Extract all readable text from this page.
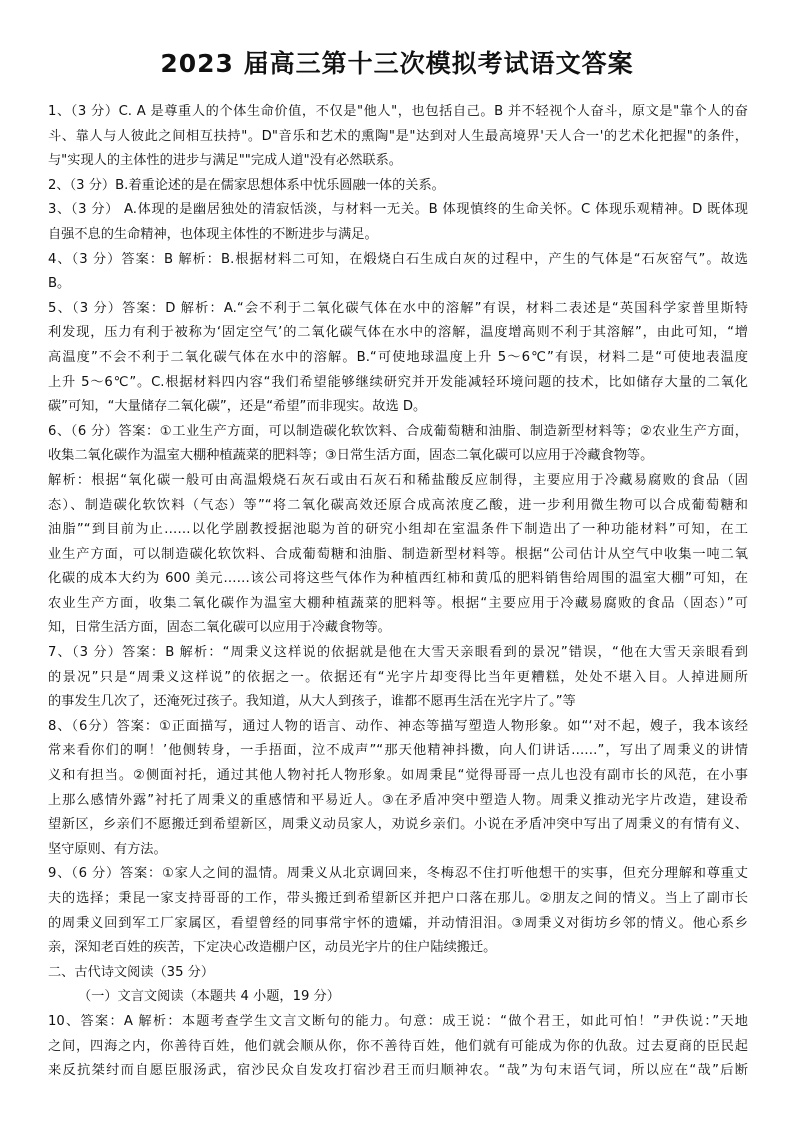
2023 届高三第十三次模拟考试语文答案
1、（3 分）C. A 是尊重人的个体生命价值，不仅是"他人"，也包括自己。B 并不轻视个人奋斗，原文是"靠个人的奋
斗、靠人与人彼此之间相互扶持"。D"音乐和艺术的熏陶"是"达到对人生最高境界'天人合一'的艺术化把握"的条件，
与"实现人的主体性的进步与满足""完成人道"没有必然联系。
2、（3 分）B.着重论述的是在儒家思想体系中忧乐圆融一体的关系。
3、（3 分） A.体现的是幽居独处的清寂恬淡，与材料一无关。B 体现慎终的生命关怀。C 体现乐观精神。D 既体现
自强不息的生命精神，也体现主体性的不断进步与满足。
4、（3 分）答案：B 解析：B.根据材料二可知，在煅烧白石生成白灰的过程中，产生的气体是“石灰窑气”。故选
B。
5、（3 分）答案：D 解析：A.“会不利于二氧化碳气体在水中的溶解”有误，材料二表述是“英国科学家普里斯特
利发现，压力有利于被称为‘固定空气’的二氧化碳气体在水中的溶解，温度增高则不利于其溶解”，由此可知，“增
高温度”不会不利于二氧化碳气体在水中的溶解。B.“可使地球温度上升 5～6℃”有误，材料二是“可使地表温度
上升 5～6℃”。C.根据材料四内容“我们希望能够继续研究并开发能减轻环境问题的技术，比如储存大量的二氧化
碳”可知，“大量储存二氧化碳”，还是“希望”而非现实。故选 D。
6、（6 分）答案：①工业生产方面，可以制造碳化软饮料、合成葡萄糖和油脂、制造新型材料等；②农业生产方面，
收集二氧化碳作为温室大棚种植蔬菜的肥料等；③日常生活方面，固态二氧化碳可以应用于冷藏食物等。
解析：根据“氧化碳一般可由高温煅烧石灰石或由石灰石和稀盐酸反应制得，主要应用于冷藏易腐败的食品（固
态）、制造碳化软饮料（气态）等”“将二氧化碳高效还原合成高浓度乙酸，进一步利用微生物可以合成葡萄糖和
油脂”“到目前为止……以化学剧教授据池聪为首的研究小组却在室温条件下制造出了一种功能材料”可知，在工
业生产方面，可以制造碳化软饮料、合成葡萄糖和油脂、制造新型材料等。根据“公司估计从空气中收集一吨二氧
化碳的成本大约为 600 美元……该公司将这些气体作为种植西红柿和黄瓜的肥料销售给周围的温室大棚”可知，在
农业生产方面，收集二氧化碳作为温室大棚种植蔬菜的肥料等。根据“主要应用于冷藏易腐败的食品（固态）”可
知，日常生活方面，固态二氧化碳可以应用于冷藏食物等。
7、（3 分）答案：B 解析：“周秉义这样说的依据就是他在大雪天亲眼看到的景况”错误，“他在大雪天亲眼看到
的景况”只是“周秉义这样说”的依据之一。依据还有“光字片却变得比当年更糟糕，处处不堪入目。人掉进厕所
的事发生几次了，还淹死过孩子。我知道，从大人到孩子，谁都不愿再生活在光字片了。”等
8、（6分）答案：①正面描写，通过人物的语言、动作、神态等描写塑造人物形象。如“‘对不起，嫂子，我本该经
常来看你们的啊！’他侧转身，一手捂面，泣不成声”“那天他精神抖擞，向人们讲话……”，写出了周秉义的讲情
义和有担当。②侧面衬托，通过其他人物衬托人物形象。如周秉昆“觉得哥哥一点儿也没有副市长的风范，在小事
上那么感情外露”衬托了周秉义的重感情和平易近人。③在矛盾冲突中塑造人物。周秉义推动光字片改造，建设希
望新区，乡亲们不愿搬迁到希望新区，周秉义动员家人，劝说乡亲们。小说在矛盾冲突中写出了周秉义的有情有义、
坚守原则、有方法。
9、（6 分）答案：①家人之间的温情。周秉义从北京调回来，冬梅忍不住打听他想干的实事，但充分理解和尊重丈
夫的选择；秉昆一家支持哥哥的工作，带头搬迁到希望新区并把户口落在那儿。②朋友之间的情义。当上了副市长
的周秉义回到军工厂家属区，看望曾经的同事常宇怀的遗孀，并动情泪泪。③周秉义对街坊乡邻的情义。他心系乡
亲，深知老百姓的疾苦，下定决心改造棚户区，动员光字片的住户陆续搬迁。
二、古代诗文阅读（35 分）
（一）文言文阅读（本题共 4 小题，19 分）
10、答案：A 解析：本题考查学生文言文断句的能力。句意：成王说：“做个君王，如此可怕！”尹佚说：”天地
之间，四海之内，你善待百姓，他们就会顺从你，你不善待百姓，他们就有可能成为你的仇敌。过去夏商的臣民起
来反抗桀纣而自愿臣服汤武，宿沙民众自发攻打宿沙君王而归顺神农。“哉”为句末语气词，所以应在“哉”后断
